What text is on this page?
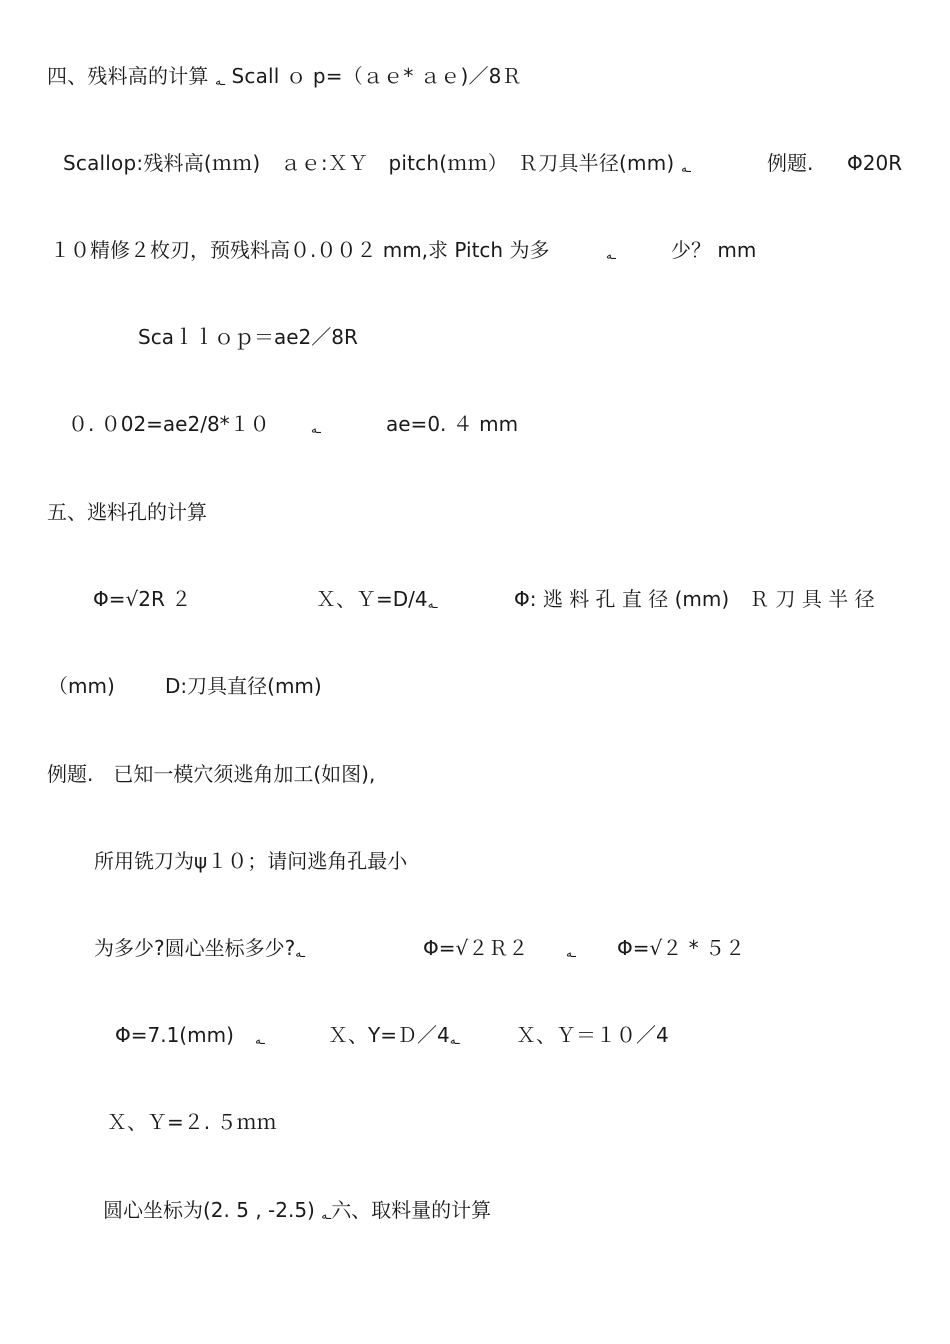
四、残料高的计算 ـه Scall ｏ p=（ａｅ* ａｅ)／8Ｒ
Scallop:残料高(ｍｍ)　ａｅ:ＸＹ　pitch(ｍｍ）　Ｒ刀具半径(mm) ـه	例题. Φ20R
１０精修２枚刃，预残料高０.００２ mm,求 Pitch 为多	ـه	少？ mm
Scaｌｌｏｐ＝ae2／8R
０. ０02=ae2/8*１０	ـه	ae=0. ４ mm
五、逃料孔的计算
Φ=√2R ２	Ｘ、Ｙ=D/4ـه	Φ: 逃 料 孔 直 径 (mm)　Ｒ 刀 具 半 径
（mm)	D:刀具直径(mm)
例题.　已知一模穴须逃角加工(如图),
所用铣刀为ψ１０；请问逃角孔最小
为多少?圆心坐标多少?ـه	Φ=√２Ｒ２	ـه Φ=√２ * ５２
Φ=7.1(mm) ـه	Ｘ、Y=Ｄ／4ـه	Ｘ、Ｙ＝１０／4
Ｘ、Ｙ=２. ５ｍｍ
圆心坐标为(2. 5 , -2.5) ـه六、取料量的计算
